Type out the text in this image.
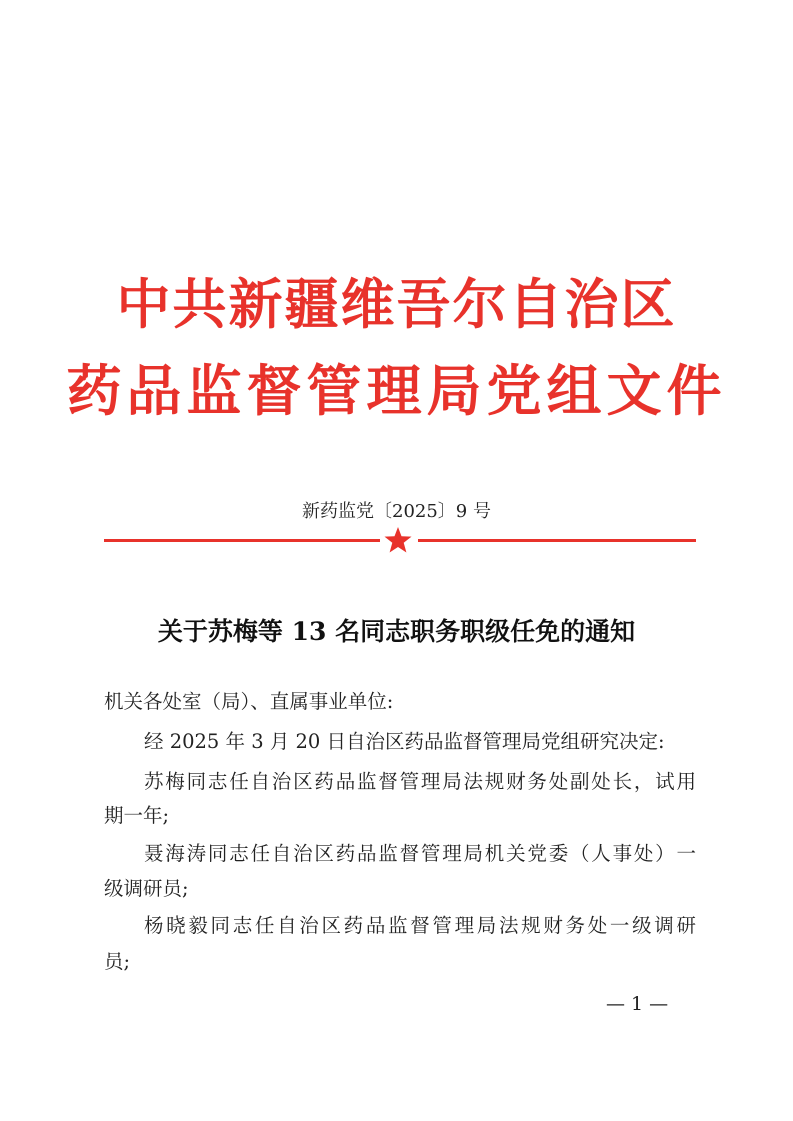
中共新疆维吾尔自治区
药品监督管理局党组文件
新药监党〔2025〕9 号
关于苏梅等 13 名同志职务职级任免的通知
机关各处室（局）、直属事业单位:
经 2025 年 3 月 20 日自治区药品监督管理局党组研究决定:
苏梅同志任自治区药品监督管理局法规财务处副处长，试用
期一年;
聂海涛同志任自治区药品监督管理局机关党委（人事处）一
级调研员;
杨晓毅同志任自治区药品监督管理局法规财务处一级调研
员;
— 1 —
